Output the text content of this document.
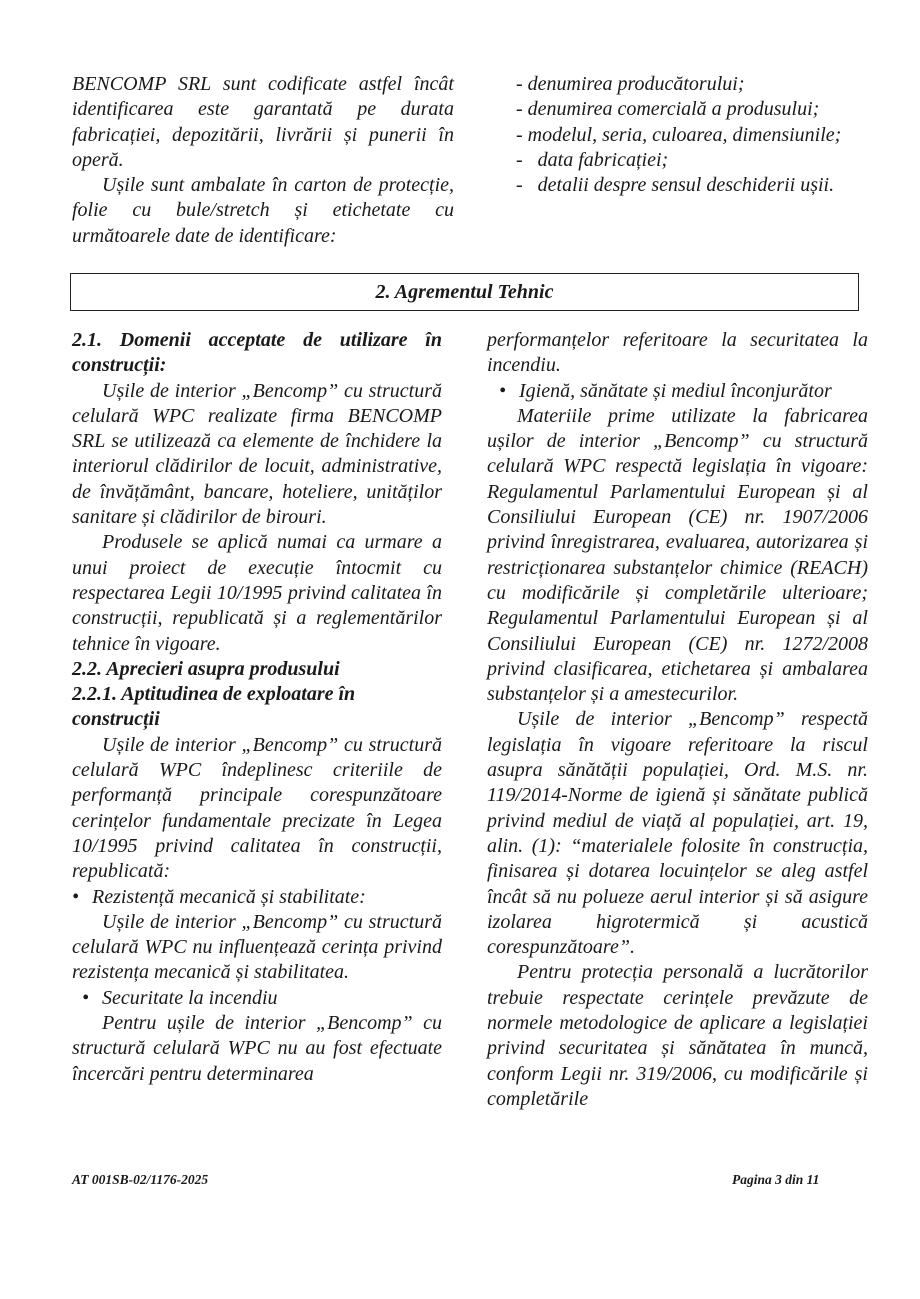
BENCOMP SRL sunt codificate astfel încât identificarea este garantată pe durata fabricației, depozitării, livrării și punerii în operă.

Ușile sunt ambalate în carton de protecție, folie cu bule/stretch și etichetate cu următoarele date de identificare:

- denumirea producătorului;

- denumirea comercială a produsului;

- modelul, seria, culoarea, dimensiunile;

-   data fabricației;

-   detalii despre sensul deschiderii ușii.

2. Agrementul Tehnic

2.1. Domenii acceptate de utilizare în construcții:

Ușile de interior „Bencomp” cu structură celulară WPC realizate firma BENCOMP SRL se utilizează ca elemente de închidere la interiorul clădirilor de locuit, administrative, de învățământ, bancare, hoteliere, unităților sanitare și clădirilor de birouri.

Produsele se aplică numai ca urmare a unui proiect de execuție întocmit cu respectarea Legii 10/1995 privind calitatea în construcții, republicată și a reglementărilor tehnice în vigoare.

2.2. Aprecieri asupra produsului

2.2.1. Aptitudinea de exploatare în construcții

Ușile de interior „Bencomp” cu structură celulară WPC îndeplinesc criteriile de performanță principale corespunzătoare cerințelor fundamentale precizate în Legea 10/1995 privind calitatea în construcții, republicată:

• Rezistență mecanică și stabilitate:

Ușile de interior „Bencomp” cu structură celulară WPC nu influențează cerința privind rezistența mecanică și stabilitatea.

• Securitate la incendiu

Pentru ușile de interior „Bencomp” cu structură celulară WPC nu au fost efectuate încercări pentru determinarea

performanțelor referitoare la securitatea la incendiu.

• Igienă, sănătate și mediul înconjurător

Materiile prime utilizate la fabricarea ușilor de interior „Bencomp” cu structură celulară WPC respectă legislația în vigoare: Regulamentul Parlamentului European și al Consiliului European (CE) nr. 1907/2006 privind înregistrarea, evaluarea, autorizarea și restricționarea substanțelor chimice (REACH) cu modificările și completările ulterioare; Regulamentul Parlamentului European și al Consiliului European (CE) nr. 1272/2008 privind clasificarea, etichetarea și ambalarea substanțelor și a amestecurilor.

Ușile de interior „Bencomp” respectă legislația în vigoare referitoare la riscul asupra sănătății populației, Ord. M.S. nr. 119/2014-Norme de igienă și sănătate publică privind mediul de viață al populației, art. 19, alin. (1): “materialele folosite în construcția, finisarea și dotarea locuințelor se aleg astfel încât să nu polueze aerul interior și să asigure izolarea higrotermică și acustică corespunzătoare”.

Pentru protecția personală a lucrătorilor trebuie respectate cerințele prevăzute de normele metodologice de aplicare a legislației privind securitatea și sănătatea în muncă, conform Legii nr. 319/2006, cu modificările și completările

AT 001SB-02/1176-2025	Pagina 3 din 11
